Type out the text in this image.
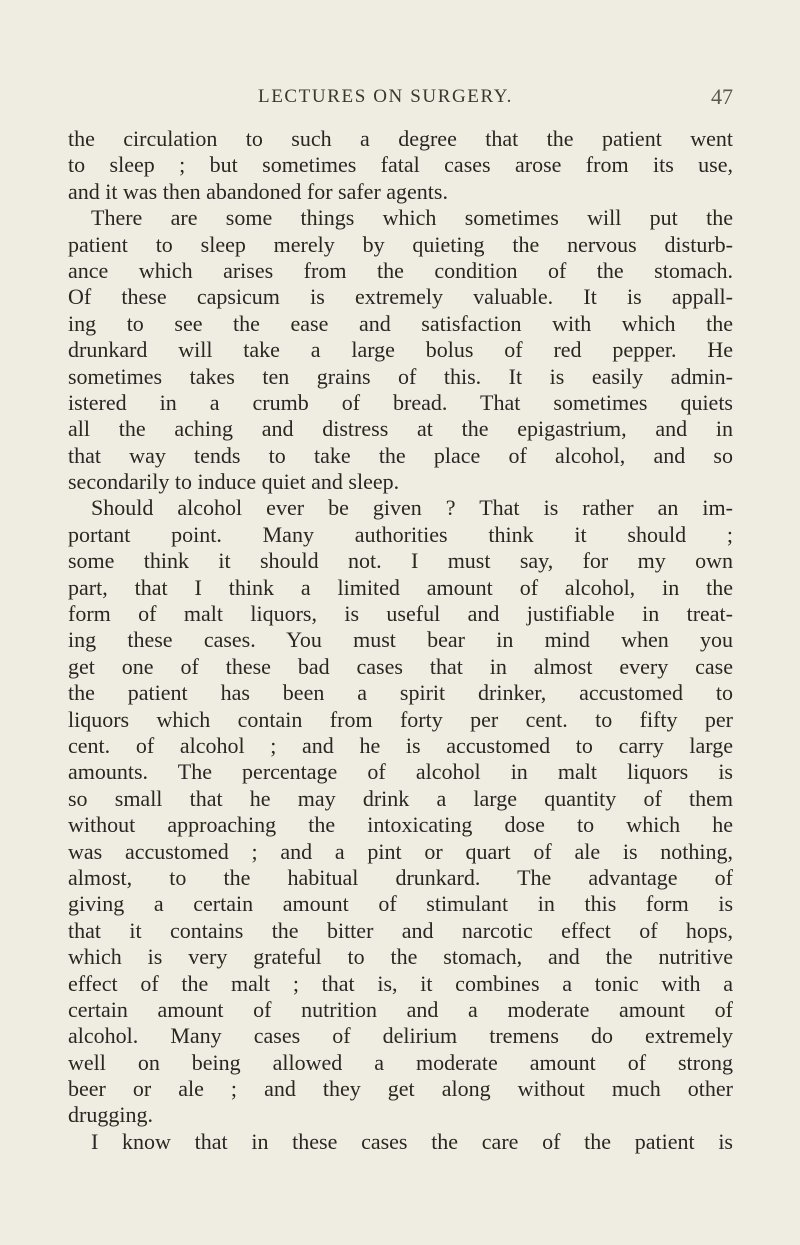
LECTURES ON SURGERY.	47
the circulation to such a degree that the patient went
to sleep ; but sometimes fatal cases arose from its use,
and it was then abandoned for safer agents.
There are some things which sometimes will put the
patient to sleep merely by quieting the nervous disturb-
ance which arises from the condition of the stomach.
Of these capsicum is extremely valuable. It is appall-
ing to see the ease and satisfaction with which the
drunkard will take a large bolus of red pepper. He
sometimes takes ten grains of this. It is easily admin-
istered in a crumb of bread. That sometimes quiets
all the aching and distress at the epigastrium, and in
that way tends to take the place of alcohol, and so
secondarily to induce quiet and sleep.
Should alcohol ever be given ? That is rather an im-
portant point. Many authorities think it should ;
some think it should not. I must say, for my own
part, that I think a limited amount of alcohol, in the
form of malt liquors, is useful and justifiable in treat-
ing these cases. You must bear in mind when you
get one of these bad cases that in almost every case
the patient has been a spirit drinker, accustomed to
liquors which contain from forty per cent. to fifty per
cent. of alcohol ; and he is accustomed to carry large
amounts. The percentage of alcohol in malt liquors is
so small that he may drink a large quantity of them
without approaching the intoxicating dose to which he
was accustomed ; and a pint or quart of ale is nothing,
almost, to the habitual drunkard. The advantage of
giving a certain amount of stimulant in this form is
that it contains the bitter and narcotic effect of hops,
which is very grateful to the stomach, and the nutritive
effect of the malt ; that is, it combines a tonic with a
certain amount of nutrition and a moderate amount of
alcohol. Many cases of delirium tremens do extremely
well on being allowed a moderate amount of strong
beer or ale ; and they get along without much other
drugging.
I know that in these cases the care of the patient is
